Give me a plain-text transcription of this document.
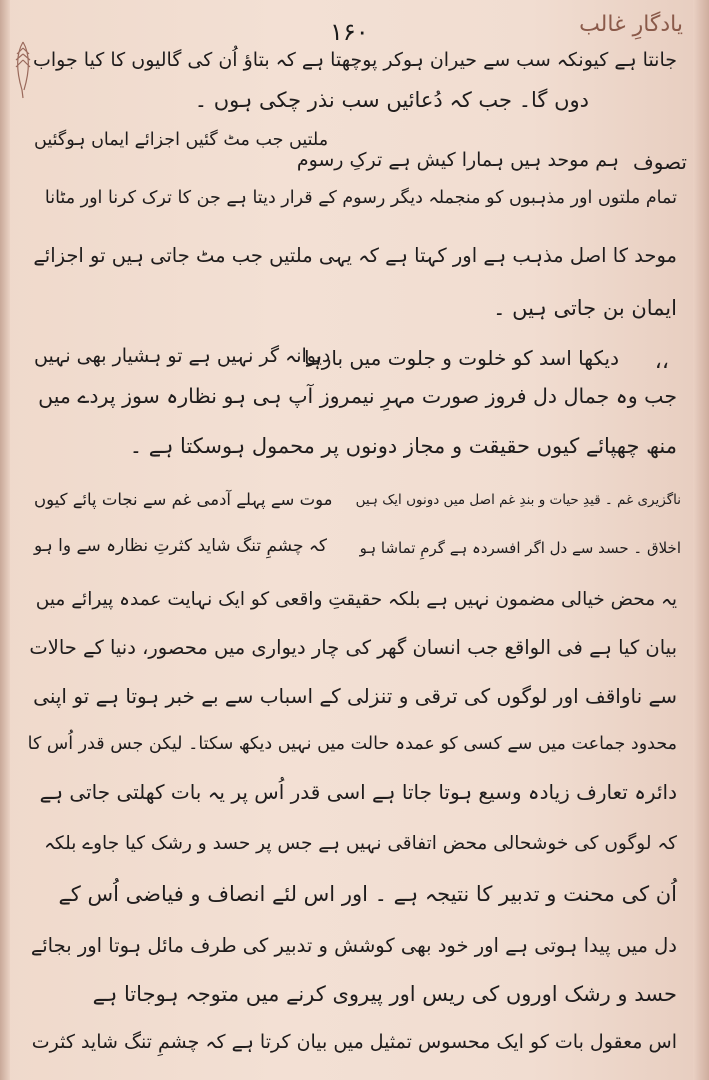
یادگارِ غالب
۱۶۰
جانتا ہے کیونکہ سب سے حیران ہوکر پوچھتا ہے کہ بتاؤ اُن کی گالیوں کا کیا جواب
دوں گا۔ جب کہ دُعائیں سب نذر چکی ہوں ۔
تصوف
ہم موحد ہیں ہمارا کیش ہے ترکِ رسوم
ملتیں جب مٹ گئیں اجزائے ایماں ہوگئیں
تمام ملتوں اور مذہبوں کو منجملہ دیگر رسوم کے قرار دیتا ہے جن کا ترک کرنا اور مٹانا
موحد کا اصل مذہب ہے اور کہتا ہے کہ یہی ملتیں جب مٹ جاتی ہیں تو اجزائے
ایمان بن جاتی ہیں ۔
،،
دیکھا اسد کو خلوت و جلوت میں بارہا
دیوانہ گر نہیں ہے تو ہشیار بھی نہیں
جب وہ جمال دل فروز صورت مہرِ نیمروز آپ ہی ہو نظارہ سوز پردے میں
منھ چھپائے کیوں حقیقت و مجاز دونوں پر محمول ہوسکتا ہے ۔
ناگزیری غم ۔ قیدِ حیات و بندِ غم اصل میں دونوں ایک ہیں
موت سے پہلے آدمی غم سے نجات پائے کیوں
اخلاق ۔ حسد سے دل اگر افسردہ ہے گرمِ تماشا ہو
کہ چشمِ تنگ شاید کثرتِ نظارہ سے وا ہو
یہ محض خیالی مضمون نہیں ہے بلکہ حقیقتِ واقعی کو ایک نہایت عمدہ پیرائے میں
بیان کیا ہے فی الواقع جب انسان گھر کی چار دیواری میں محصور، دنیا کے حالات
سے ناواقف اور لوگوں کی ترقی و تنزلی کے اسباب سے بے خبر ہوتا ہے تو اپنی
محدود جماعت میں سے کسی کو عمدہ حالت میں نہیں دیکھ سکتا۔ لیکن جس قدر اُس کا
دائرہ تعارف زیادہ وسیع ہوتا جاتا ہے اسی قدر اُس پر یہ بات کھلتی جاتی ہے
کہ لوگوں کی خوشحالی محض اتفاقی نہیں ہے جس پر حسد و رشک کیا جاوے بلکہ
اُن کی محنت و تدبیر کا نتیجہ ہے ۔ اور اس لئے انصاف و فیاضی اُس کے
دل میں پیدا ہوتی ہے اور خود بھی کوشش و تدبیر کی طرف مائل ہوتا اور بجائے
حسد و رشک اوروں کی ریس اور پیروی کرنے میں متوجہ ہوجاتا ہے
اس معقول بات کو ایک محسوس تمثیل میں بیان کرتا ہے کہ چشمِ تنگ شاید کثرت
